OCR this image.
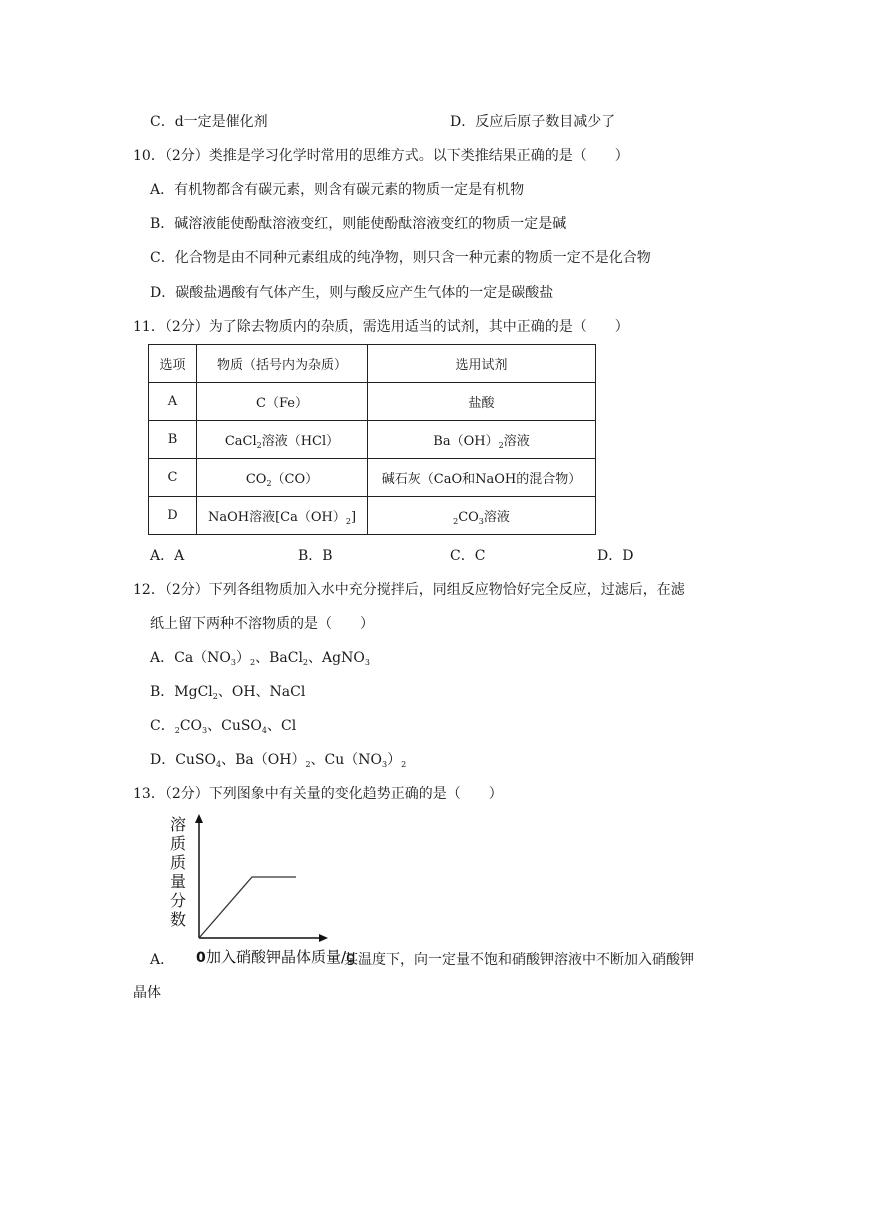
C．d一定是催化剂	D．反应后原子数目减少了
10．（2分）类推是学习化学时常用的思维方式。以下类推结果正确的是（　　）
A．有机物都含有碳元素，则含有碳元素的物质一定是有机物
B．碱溶液能使酚酞溶液变红，则能使酚酞溶液变红的物质一定是碱
C．化合物是由不同种元素组成的纯净物，则只含一种元素的物质一定不是化合物
D．碳酸盐遇酸有气体产生，则与酸反应产生气体的一定是碳酸盐
11．（2分）为了除去物质内的杂质，需选用适当的试剂，其中正确的是（　　）
选项	物质（括号内为杂质）	选用试剂
A	C（Fe）	盐酸
B	CaCl$_2$溶液（HCl）	$Ba(OH)_2$溶液
C	$CO_2(CO)$	碱石灰（CaO和NaOH的混合物）
D	NaOH溶液$[Ca(OH)_2]$	$_2CO_3$溶液
A．A	B．B	C．C	D．D
12．（2分）下列各组物质加入水中充分搅拌后，同组反应物恰好完全反应，过滤后，在滤
纸上留下两种不溶物质的是（　　）
A．$Ca(NO_3)_2$、BaCl$_2$、AgNO$_3$
B．MgCl$_2$、OH、NaCl
C．$_2CO_3$、CuSO$_4$、Cl
D．CuSO$_4$、$Ba(OH)_2$、$Cu(NO_3)_2$
13．（2分）下列图象中有关量的变化趋势正确的是（　　）
溶
质
质
量
分
数
0 加入硝酸钾晶体质量/g
A．	某温度下，向一定量不饱和硝酸钾溶液中不断加入硝酸钾
晶体
